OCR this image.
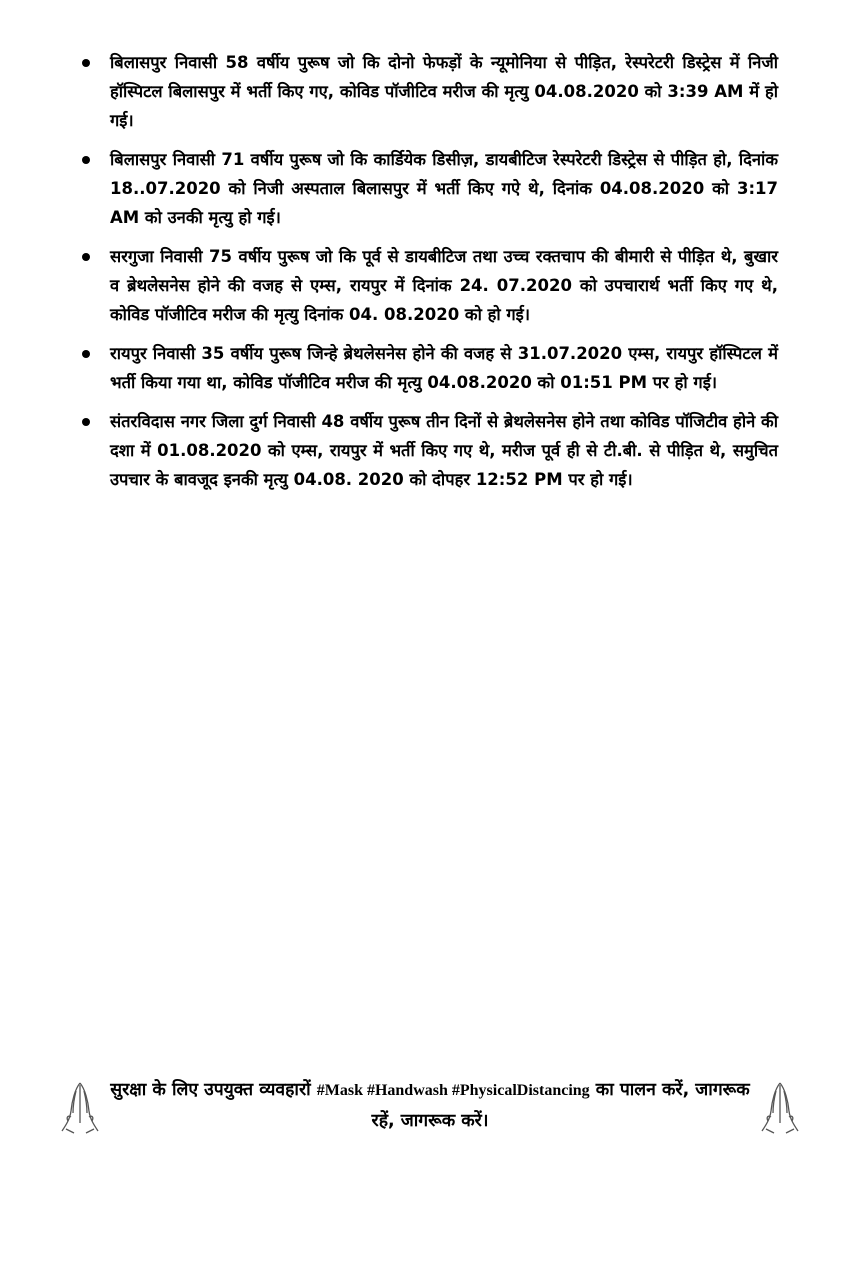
बिलासपुर निवासी 58 वर्षीय पुरूष जो कि दोनो फेफड़ों के न्यूमोनिया से पीड़ित, रेस्परेटरी डिस्ट्रेस में निजी हॉस्पिटल बिलासपुर में भर्ती किए गए, कोविड पॉजीटिव मरीज की मृत्यु 04.08.2020 को 3:39 AM में हो गई।
बिलासपुर निवासी 71 वर्षीय पुरूष जो कि कार्डियेक डिसीज़, डायबीटिज रेस्परेटरी डिस्ट्रेस से पीड़ित हो, दिनांक 18..07.2020 को निजी अस्पताल बिलासपुर में भर्ती किए गऐ थे, दिनांक 04.08.2020 को 3:17 AM को उनकी मृत्यु हो गई।
सरगुजा निवासी 75 वर्षीय पुरूष जो कि पूर्व से डायबीटिज तथा उच्च रक्तचाप की बीमारी से पीड़ित थे, बुखार व ब्रेथलेसनेस होने की वजह से एम्स, रायपुर में दिनांक 24. 07.2020 को उपचारार्थ भर्ती किए गए थे, कोविड पॉजीटिव मरीज की मृत्यु दिनांक 04. 08.2020 को हो गई।
रायपुर निवासी 35 वर्षीय पुरूष जिन्हे ब्रेथलेसनेस होने की वजह से 31.07.2020 एम्स, रायपुर हॉस्पिटल में भर्ती किया गया था, कोविड पॉजीटिव मरीज की मृत्यु 04.08.2020 को 01:51 PM पर हो गई।
संतरविदास नगर जिला दुर्ग निवासी 48 वर्षीय पुरूष तीन दिनों से ब्रेथलेसनेस होने तथा कोविड पॉजिटीव होने की दशा में 01.08.2020 को एम्स, रायपुर में भर्ती किए गए थे, मरीज पूर्व ही से टी.बी. से पीड़ित थे, समुचित उपचार के बावजूद इनकी मृत्यु 04.08. 2020 को दोपहर 12:52 PM पर हो गई।
सुरक्षा के लिए उपयुक्त व्यवहारों #Mask #Handwash #PhysicalDistancing का पालन करें, जागरूक रहें, जागरूक करें।
